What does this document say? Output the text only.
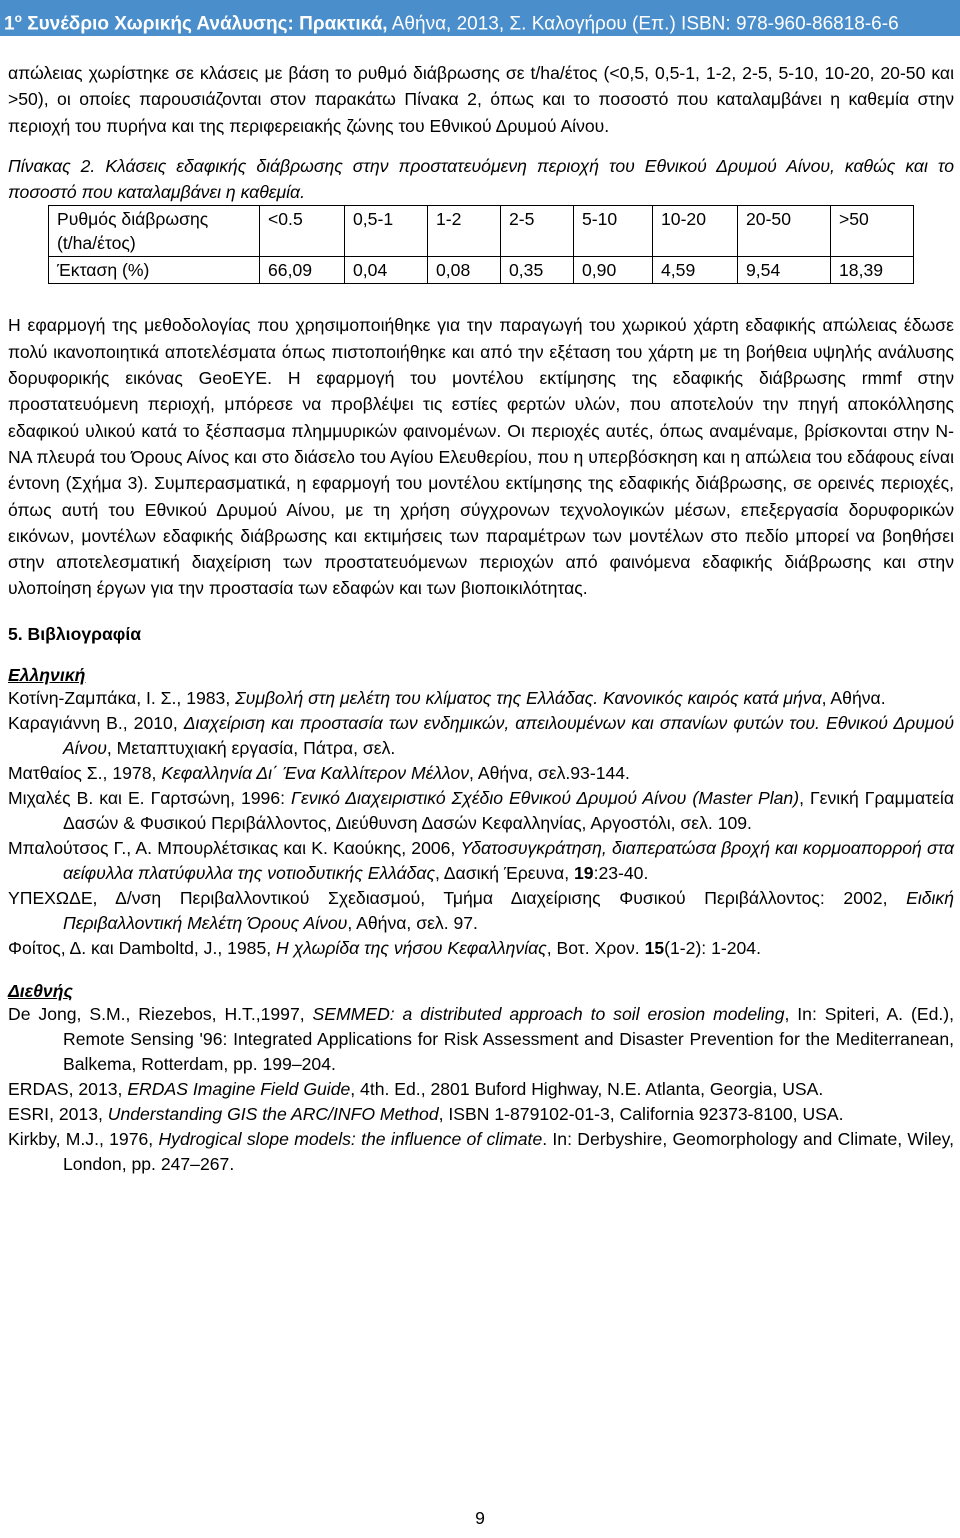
$1^o$ Συνέδριο Χωρικής Ανάλυσης: Πρακτικά, Αθήνα, 2013, Σ. Καλογήρου (Επ.) ISBN: 978-960-86818-6-6

απώλειας χωρίστηκε σε κλάσεις με βάση το ρυθμό διάβρωσης σε t/ha/έτος (<0,5, 0,5-1, 1-2, 2-5, 5-10, 10-20, 20-50 και >50), οι οποίες παρουσιάζονται στον παρακάτω Πίνακα 2, όπως και το ποσοστό που καταλαμβάνει η καθεμία στην περιοχή του πυρήνα και της περιφερειακής ζώνης του Εθνικού Δρυμού Αίνου.

Πίνακας 2. Κλάσεις εδαφικής διάβρωσης στην προστατευόμενη περιοχή του Εθνικού Δρυμού Αίνου, καθώς και το ποσοστό που καταλαμβάνει η καθεμία.

Ρυθμός διάβρωσης (t/ha/έτος)	<0.5	0,5-1	1-2	2-5	5-10	10-20	20-50	>50
Έκταση (%)	66,09	0,04	0,08	0,35	0,90	4,59	9,54	18,39

Η εφαρμογή της μεθοδολογίας που χρησιμοποιήθηκε για την παραγωγή του χωρικού χάρτη εδαφικής απώλειας έδωσε πολύ ικανοποιητικά αποτελέσματα όπως πιστοποιήθηκε και από την εξέταση του χάρτη με τη βοήθεια υψηλής ανάλυσης δορυφορικής εικόνας GeoEYE. Η εφαρμογή του μοντέλου εκτίμησης της εδαφικής διάβρωσης rmmf στην προστατευόμενη περιοχή, μπόρεσε να προβλέψει τις εστίες φερτών υλών, που αποτελούν την πηγή αποκόλλησης εδαφικού υλικού κατά το ξέσπασμα πλημμυρικών φαινομένων. Οι περιοχές αυτές, όπως αναμέναμε, βρίσκονται στην Ν-ΝΑ πλευρά του Όρους Αίνος και στο διάσελο του Αγίου Ελευθερίου, που η υπερβόσκηση και η απώλεια του εδάφους είναι έντονη (Σχήμα 3). Συμπερασματικά, η εφαρμογή του μοντέλου εκτίμησης της εδαφικής διάβρωσης, σε ορεινές περιοχές, όπως αυτή του Εθνικού Δρυμού Αίνου, με τη χρήση σύγχρονων τεχνολογικών μέσων, επεξεργασία δορυφορικών εικόνων, μοντέλων εδαφικής διάβρωσης και εκτιμήσεις των παραμέτρων των μοντέλων στο πεδίο μπορεί να βοηθήσει στην αποτελεσματική διαχείριση των προστατευόμενων περιοχών από φαινόμενα εδαφικής διάβρωσης και στην υλοποίηση έργων για την προστασία των εδαφών και των βιοποικιλότητας.

5. Βιβλιογραφία

Ελληνική

Κοτίνη-Ζαμπάκα, Ι. Σ., 1983, Συμβολή στη μελέτη του κλίματος της Ελλάδας. Κανονικός καιρός κατά μήνα, Αθήνα.

Καραγιάννη Β., 2010, Διαχείριση και προστασία των ενδημικών, απειλουμένων και σπανίων φυτών του. Εθνικού Δρυμού Αίνου, Μεταπτυχιακή εργασία, Πάτρα, σελ.

Ματθαίος Σ., 1978, Κεφαλληνία Δι΄ Ένα Καλλίτερον Μέλλον, Αθήνα, σελ.93-144.

Μιχαλές Β. και Ε. Γαρτσώνη, 1996: Γενικό Διαχειριστικό Σχέδιο Εθνικού Δρυμού Αίνου (Master Plan), Γενική Γραμματεία Δασών & Φυσικού Περιβάλλοντος, Διεύθυνση Δασών Κεφαλληνίας, Αργοστόλι, σελ. 109.

Μπαλούτσος Γ., Α. Μπουρλέτσικας και Κ. Καούκης, 2006, Υδατοσυγκράτηση, διαπερατώσα βροχή και κορμοαπορροή στα αείφυλλα πλατύφυλλα της νοτιοδυτικής Ελλάδας, Δασική Έρευνα, 19:23-40.

ΥΠΕΧΩΔΕ, Δ/νση Περιβαλλοντικού Σχεδιασμού, Τμήμα Διαχείρισης Φυσικού Περιβάλλοντος: 2002, Ειδική Περιβαλλοντική Μελέτη Όρους Αίνου, Αθήνα, σελ. 97.

Φοίτος, Δ. και Damboltd, J., 1985, Η χλωρίδα της νήσου Κεφαλληνίας, Βοτ. Χρον. 15(1-2): 1-204.

Διεθνής

De Jong, S.M., Riezebos, H.T.,1997, SEMMED: a distributed approach to soil erosion modeling, In: Spiteri, A. (Ed.), Remote Sensing '96: Integrated Applications for Risk Assessment and Disaster Prevention for the Mediterranean, Balkema, Rotterdam, pp. 199–204.

ERDAS, 2013, ERDAS Imagine Field Guide, 4th. Ed., 2801 Buford Highway, N.E. Atlanta, Georgia, USA.

ESRI, 2013, Understanding GIS the ARC/INFO Method, ISBN 1-879102-01-3, California 92373-8100, USA.

Kirkby, M.J., 1976, Hydrogical slope models: the influence of climate. In: Derbyshire, Geomorphology and Climate, Wiley, London, pp. 247–267.

9
